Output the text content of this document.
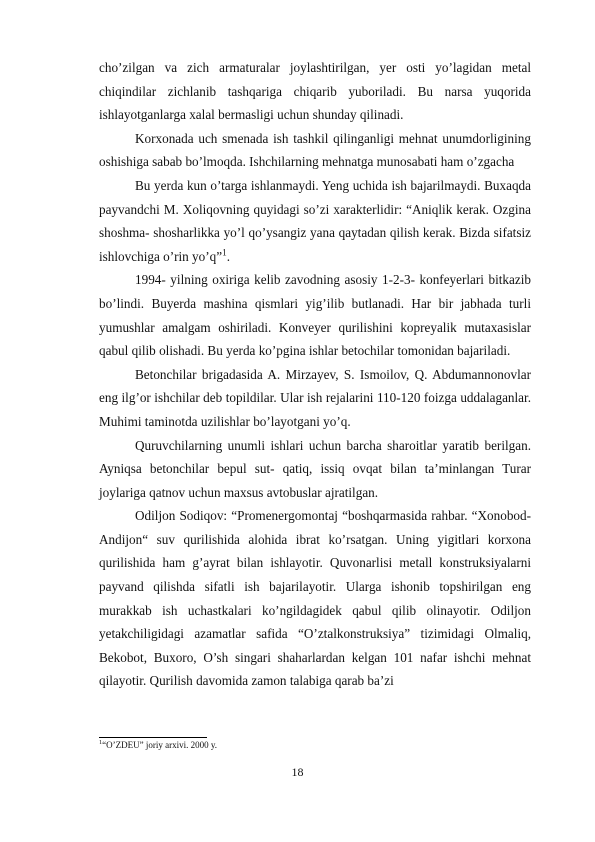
cho’zilgan va zich armaturalar joylashtirilgan, yer osti yo’lagidan metal chiqindilar zichlanib tashqariga chiqarib yuboriladi. Bu narsa yuqorida ishlayotganlarga xalal bermasligi uchun shunday qilinadi.

Korxonada uch smenada ish tashkil qilinganligi mehnat unumdorligining oshishiga sabab bo’lmoqda. Ishchilarning mehnatga munosabati ham o’zgacha

Bu yerda kun o’targa ishlanmaydi. Yeng uchida ish bajarilmaydi. Buxaqda payvandchi M. Xoliqovning quyidagi so’zi xarakterlidir: “Aniqlik kerak. Ozgina shoshma- shosharlikka yo’l qo’ysangiz yana qaytadan qilish kerak. Bizda sifatsiz ishlovchiga o’rin yo’q”$^1$.

1994- yilning oxiriga kelib zavodning asosiy 1-2-3- konfeyerlari bitkazib bo’lindi. Buyerda mashina qismlari yig’ilib butlanadi. Har bir jabhada turli yumushlar amalgam oshiriladi. Konveyer qurilishini kopreyalik mutaxasislar qabul qilib olishadi. Bu yerda ko’pgina ishlar betochilar tomonidan bajariladi.

Betonchilar brigadasida A. Mirzayev, S. Ismoilov, Q. Abdumannonovlar eng ilg’or ishchilar deb topildilar. Ular ish rejalarini 110-120 foizga uddalaganlar. Muhimi taminotda uzilishlar bo’layotgani yo’q.

Quruvchilarning unumli ishlari uchun barcha sharoitlar yaratib berilgan. Ayniqsa betonchilar bepul sut- qatiq, issiq ovqat bilan ta’minlangan Turar joylariga qatnov uchun maxsus avtobuslar ajratilgan.

Odiljon Sodiqov: “Promenergomontaj “boshqarmasida rahbar. “Xonobod- Andijon“ suv qurilishida alohida ibrat ko’rsatgan. Uning yigitlari korxona qurilishida ham g’ayrat bilan ishlayotir. Quvonarlisi metall konstruksiyalarni payvand qilishda sifatli ish bajarilayotir. Ularga ishonib topshirilgan eng murakkab ish uchastkalari ko’ngildagidek qabul qilib olinayotir. Odiljon yetakchiligidagi azamatlar safida “O’ztalkonstruksiya” tizimidagi Olmaliq, Bekobot, Buxoro, O’sh singari shaharlardan kelgan 101 nafar ishchi mehnat qilayotir. Qurilish davomida zamon talabiga qarab ba’zi

$^1$“O’ZDEU” joriy arxivi. 2000 y.
18
